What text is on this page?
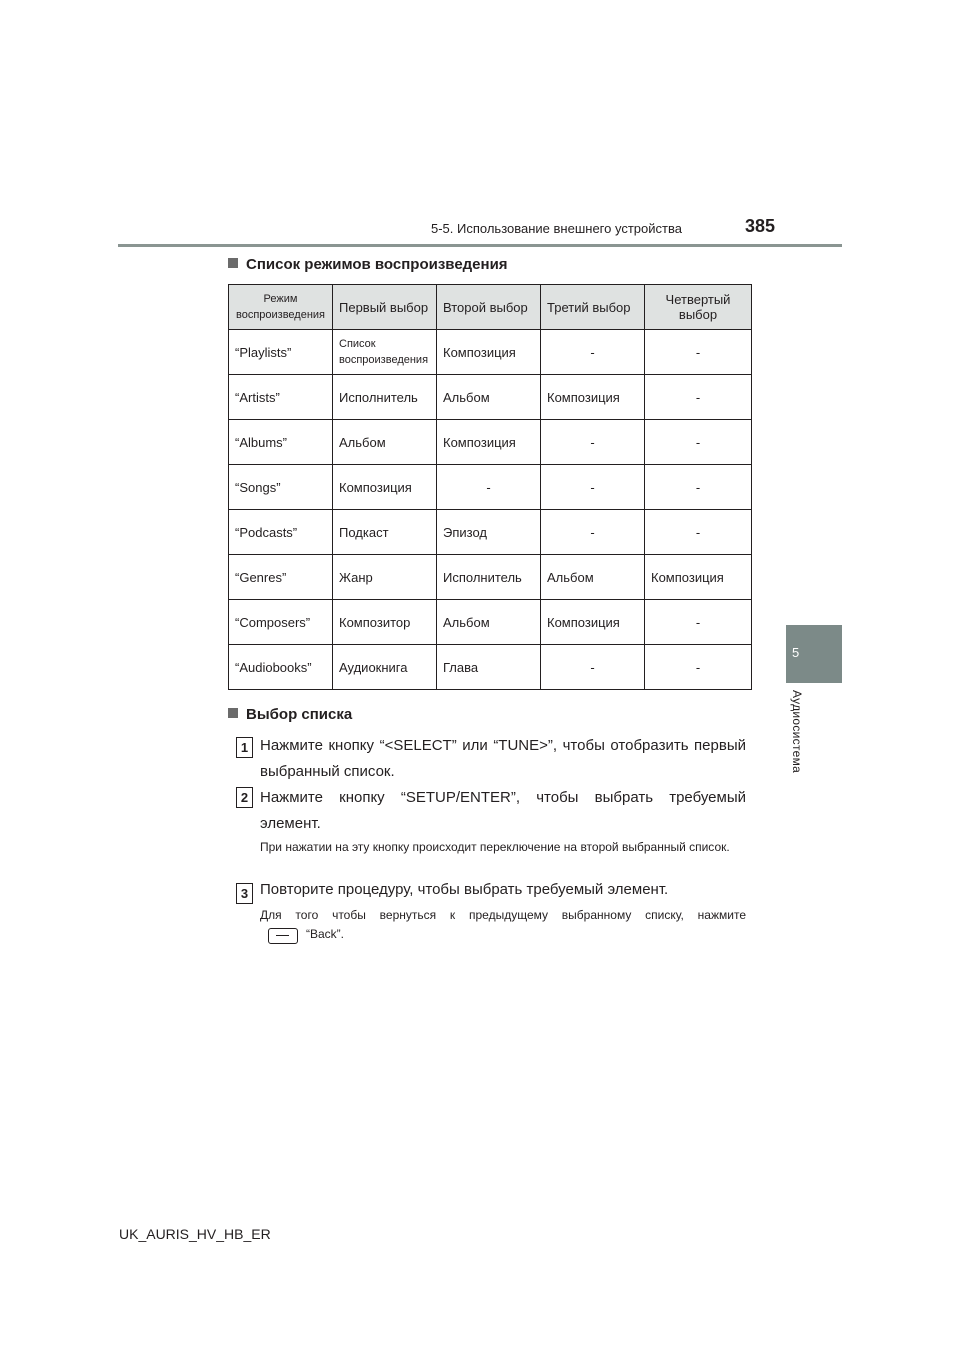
5-5. Использование внешнего устройства	385
5
Аудиосистема
Список режимов воспроизведения
Режим воспроизведения	Первый выбор	Второй выбор	Третий выбор	Четвертый выбор
“Playlists”	Список воспроизведения	Композиция	-	-
“Artists”	Исполнитель	Альбом	Композиция	-
“Albums”	Альбом	Композиция	-	-
“Songs”	Композиция	-	-	-
“Podcasts”	Подкаст	Эпизод	-	-
“Genres”	Жанр	Исполнитель	Альбом	Композиция
“Composers”	Композитор	Альбом	Композиция	-
“Audiobooks”	Аудиокнига	Глава	-	-
Выбор списка
1 Нажмите кнопку “<SELECT” или “TUNE>”, чтобы отобразить первый выбранный список.
2 Нажмите кнопку “SETUP/ENTER”, чтобы выбрать требуемый элемент.
При нажатии на эту кнопку происходит переключение на второй выбранный список.
3 Повторите процедуру, чтобы выбрать требуемый элемент.
Для того чтобы вернуться к предыдущему выбранному списку, нажмите
“Back”.
UK_AURIS_HV_HB_ER
